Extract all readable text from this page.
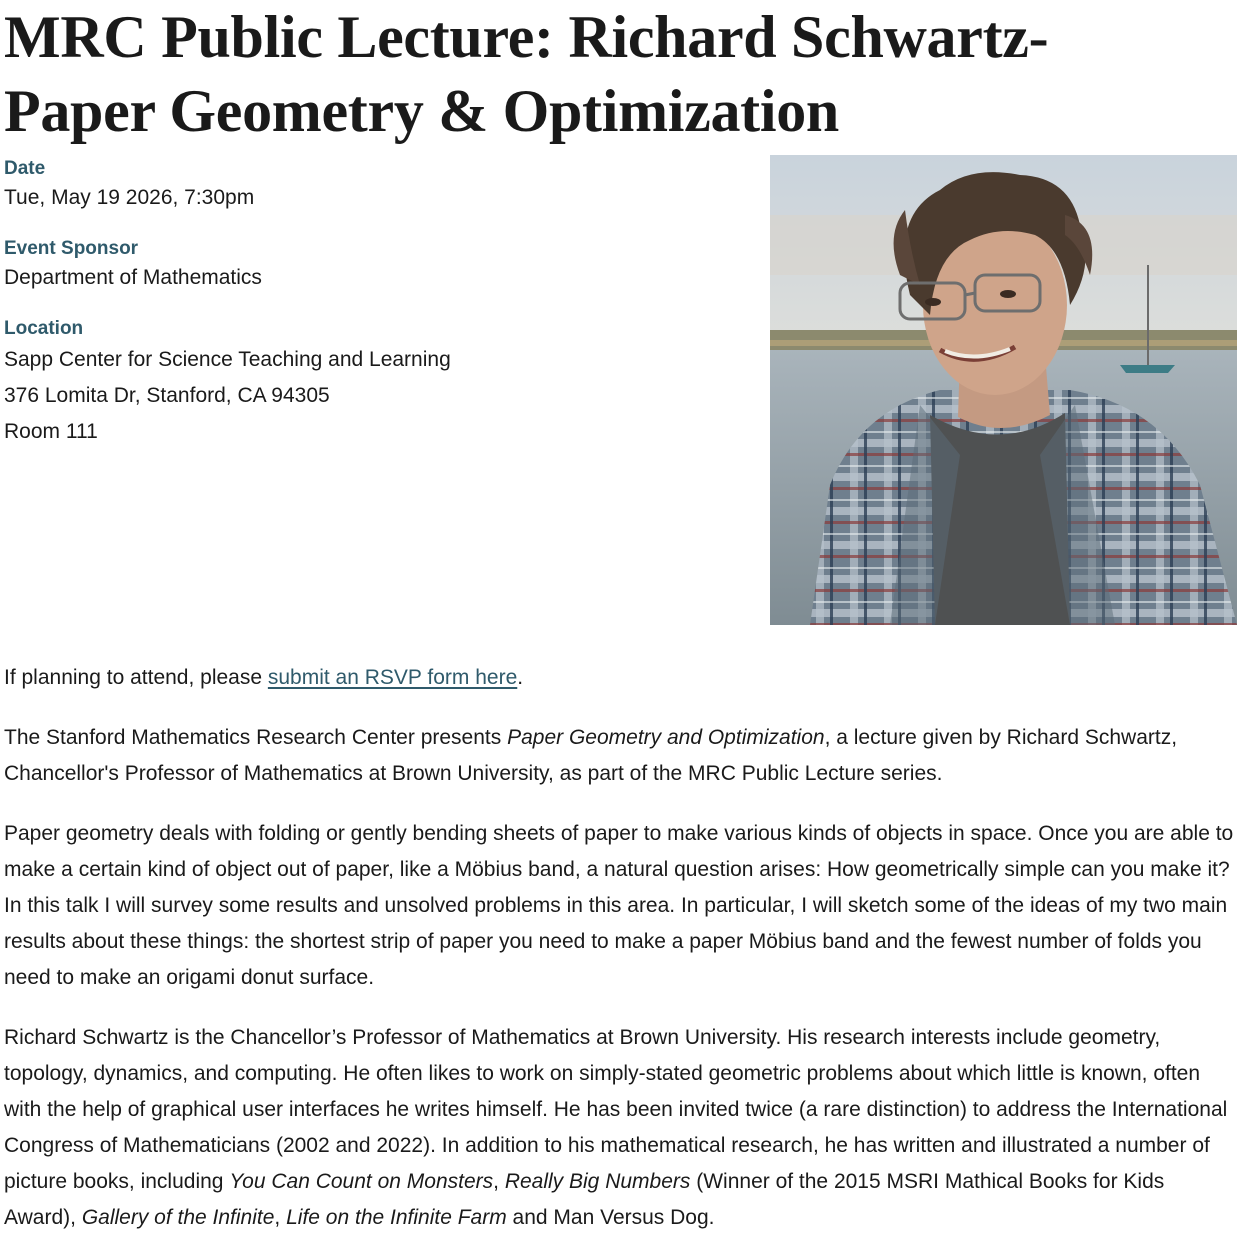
MRC Public Lecture: Richard Schwartz- Paper Geometry & Optimization
Date
Tue, May 19 2026, 7:30pm
Event Sponsor
Department of Mathematics
Location
Sapp Center for Science Teaching and Learning
376 Lomita Dr, Stanford, CA 94305
Room 111

If planning to attend, please submit an RSVP form here.

The Stanford Mathematics Research Center presents Paper Geometry and Optimization, a lecture given by Richard Schwartz, Chancellor's Professor of Mathematics at Brown University, as part of the MRC Public Lecture series.

Paper geometry deals with folding or gently bending sheets of paper to make various kinds of objects in space. Once you are able to make a certain kind of object out of paper, like a Möbius band, a natural question arises: How geometrically simple can you make it? In this talk I will survey some results and unsolved problems in this area. In particular, I will sketch some of the ideas of my two main results about these things: the shortest strip of paper you need to make a paper Möbius band and the fewest number of folds you need to make an origami donut surface.

Richard Schwartz is the Chancellor’s Professor of Mathematics at Brown University. His research interests include geometry, topology, dynamics, and computing. He often likes to work on simply-stated geometric problems about which little is known, often with the help of graphical user interfaces he writes himself. He has been invited twice (a rare distinction) to address the International Congress of Mathematicians (2002 and 2022). In addition to his mathematical research, he has written and illustrated a number of picture books, including You Can Count on Monsters, Really Big Numbers (Winner of the 2015 MSRI Mathical Books for Kids Award), Gallery of the Infinite, Life on the Infinite Farm and Man Versus Dog.
